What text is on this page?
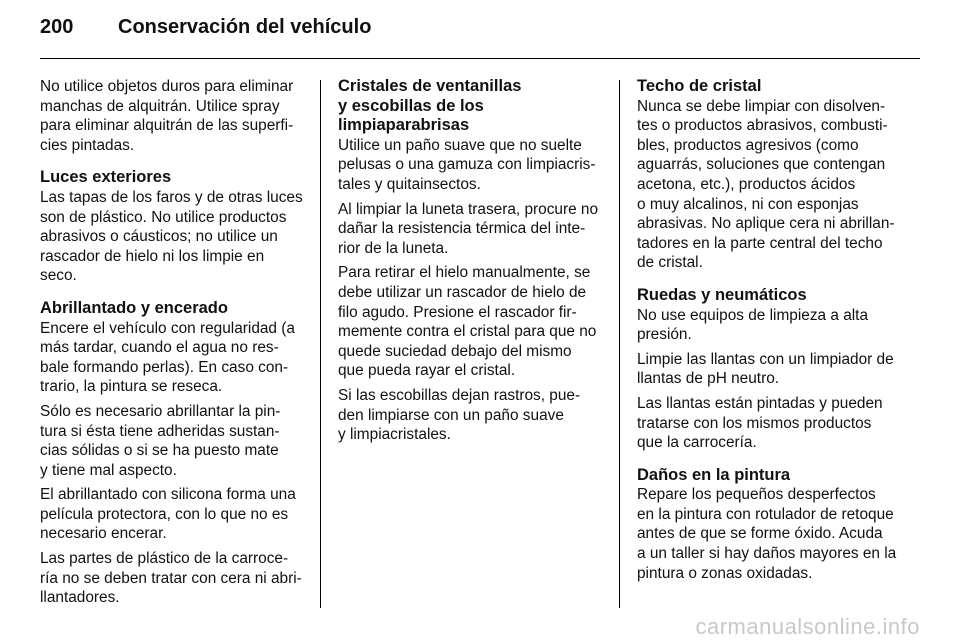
200	Conservación del vehículo
No utilice objetos duros para eliminar
manchas de alquitrán. Utilice spray
para eliminar alquitrán de las superfi-
cies pintadas.
Luces exteriores
Las tapas de los faros y de otras luces
son de plástico. No utilice productos
abrasivos o cáusticos; no utilice un
rascador de hielo ni los limpie en
seco.
Abrillantado y encerado
Encere el vehículo con regularidad (a
más tardar, cuando el agua no res-
bale formando perlas). En caso con-
trario, la pintura se reseca.
Sólo es necesario abrillantar la pin-
tura si ésta tiene adheridas sustan-
cias sólidas o si se ha puesto mate
y tiene mal aspecto.
El abrillantado con silicona forma una
película protectora, con lo que no es
necesario encerar.
Las partes de plástico de la carroce-
ría no se deben tratar con cera ni abri-
llantadores.
Cristales de ventanillas
y escobillas de los
limpiaparabrisas
Utilice un paño suave que no suelte
pelusas o una gamuza con limpiacris-
tales y quitainsectos.
Al limpiar la luneta trasera, procure no
dañar la resistencia térmica del inte-
rior de la luneta.
Para retirar el hielo manualmente, se
debe utilizar un rascador de hielo de
filo agudo. Presione el rascador fir-
memente contra el cristal para que no
quede suciedad debajo del mismo
que pueda rayar el cristal.
Si las escobillas dejan rastros, pue-
den limpiarse con un paño suave
y limpiacristales.
Techo de cristal
Nunca se debe limpiar con disolven-
tes o productos abrasivos, combusti-
bles, productos agresivos (como
aguarrás, soluciones que contengan
acetona, etc.), productos ácidos
o muy alcalinos, ni con esponjas
abrasivas. No aplique cera ni abrillan-
tadores en la parte central del techo
de cristal.
Ruedas y neumáticos
No use equipos de limpieza a alta
presión.
Limpie las llantas con un limpiador de
llantas de pH neutro.
Las llantas están pintadas y pueden
tratarse con los mismos productos
que la carrocería.
Daños en la pintura
Repare los pequeños desperfectos
en la pintura con rotulador de retoque
antes de que se forme óxido. Acuda
a un taller si hay daños mayores en la
pintura o zonas oxidadas.
carmanualsonline.info
